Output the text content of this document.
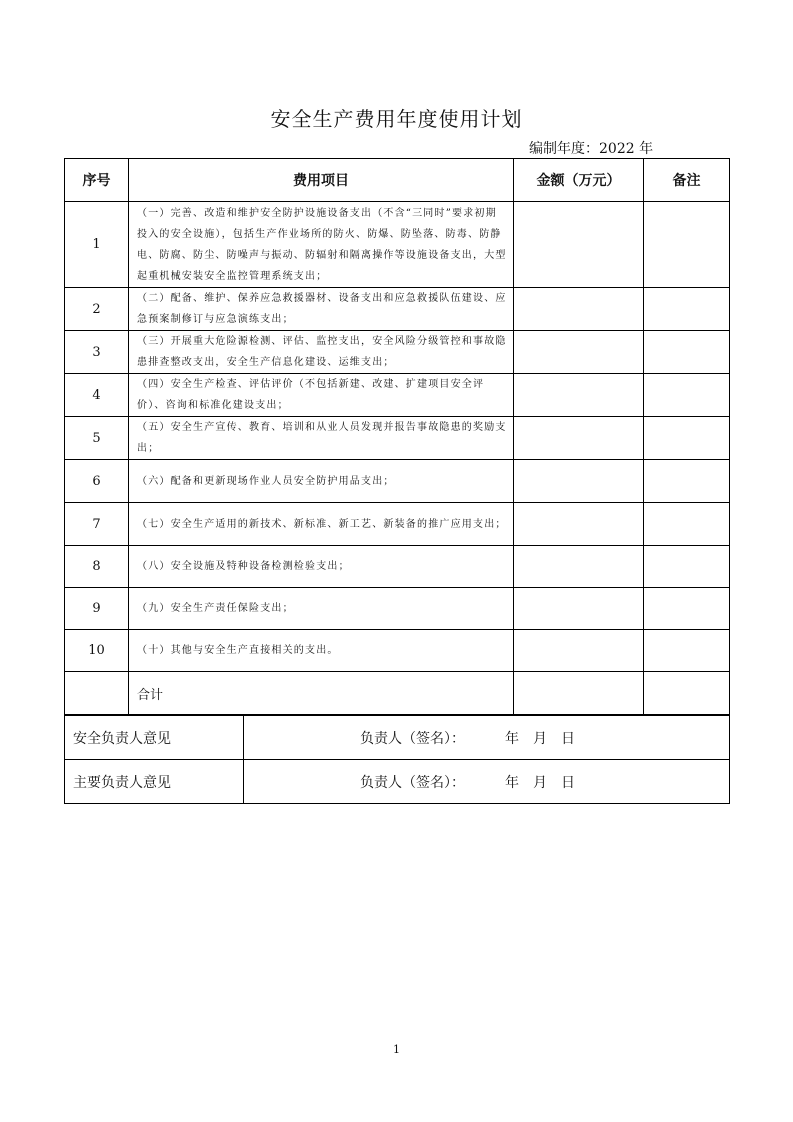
安全生产费用年度使用计划
编制年度：2022 年
序号	费用项目	金额（万元）	备注
1	（一）完善、改造和维护安全防护设施设备支出（不含“三同时”要求初期投入的安全设施），包括生产作业场所的防火、防爆、防坠落、防毒、防静电、防腐、防尘、防噪声与振动、防辐射和隔离操作等设施设备支出，大型起重机械安装安全监控管理系统支出；		
2	（二）配备、维护、保养应急救援器材、设备支出和应急救援队伍建设、应急预案制修订与应急演练支出；		
3	（三）开展重大危险源检测、评估、监控支出，安全风险分级管控和事故隐患排查整改支出，安全生产信息化建设、运维支出；		
4	（四）安全生产检查、评估评价（不包括新建、改建、扩建项目安全评价）、咨询和标准化建设支出；		
5	（五）安全生产宣传、教育、培训和从业人员发现并报告事故隐患的奖励支出；		
6	（六）配备和更新现场作业人员安全防护用品支出；		
7	（七）安全生产适用的新技术、新标准、新工艺、新装备的推广应用支出；		
8	（八）安全设施及特种设备检测检验支出；		
9	（九）安全生产责任保险支出；		
10	（十）其他与安全生产直接相关的支出。		
	合计		
安全负责人意见	负责人（签名）： 年　月　日
主要负责人意见	负责人（签名）： 年　月　日
1
